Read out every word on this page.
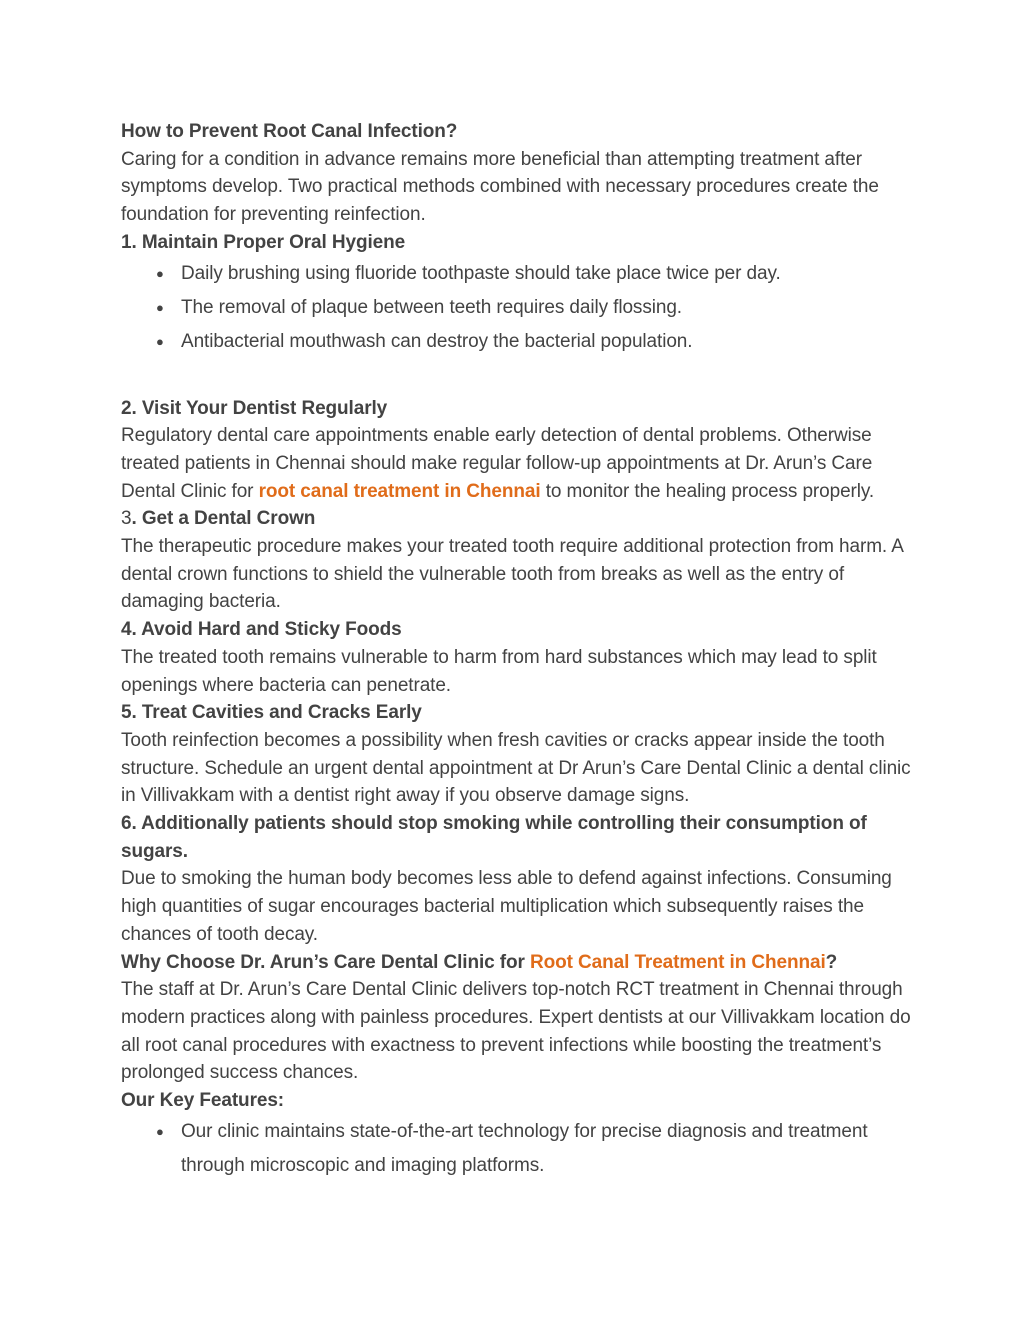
How to Prevent Root Canal Infection?

Caring for a condition in advance remains more beneficial than attempting treatment after symptoms develop. Two practical methods combined with necessary procedures create the foundation for preventing reinfection.

1. Maintain Proper Oral Hygiene

● Daily brushing using fluoride toothpaste should take place twice per day.
● The removal of plaque between teeth requires daily flossing.
● Antibacterial mouthwash can destroy the bacterial population.

2. Visit Your Dentist Regularly

Regulatory dental care appointments enable early detection of dental problems. Otherwise treated patients in Chennai should make regular follow-up appointments at Dr. Arun’s Care Dental Clinic for root canal treatment in Chennai to monitor the healing process properly.

3. Get a Dental Crown

The therapeutic procedure makes your treated tooth require additional protection from harm. A dental crown functions to shield the vulnerable tooth from breaks as well as the entry of damaging bacteria.

4. Avoid Hard and Sticky Foods

The treated tooth remains vulnerable to harm from hard substances which may lead to split openings where bacteria can penetrate.

5. Treat Cavities and Cracks Early

Tooth reinfection becomes a possibility when fresh cavities or cracks appear inside the tooth structure. Schedule an urgent dental appointment at Dr Arun’s Care Dental Clinic a dental clinic in Villivakkam with a dentist right away if you observe damage signs.

6. Additionally patients should stop smoking while controlling their consumption of sugars.

Due to smoking the human body becomes less able to defend against infections. Consuming high quantities of sugar encourages bacterial multiplication which subsequently raises the chances of tooth decay.

Why Choose Dr. Arun’s Care Dental Clinic for Root Canal Treatment in Chennai?

The staff at Dr. Arun’s Care Dental Clinic delivers top-notch RCT treatment in Chennai through modern practices along with painless procedures. Expert dentists at our Villivakkam location do all root canal procedures with exactness to prevent infections while boosting the treatment’s prolonged success chances.

Our Key Features:

● Our clinic maintains state-of-the-art technology for precise diagnosis and treatment through microscopic and imaging platforms.
